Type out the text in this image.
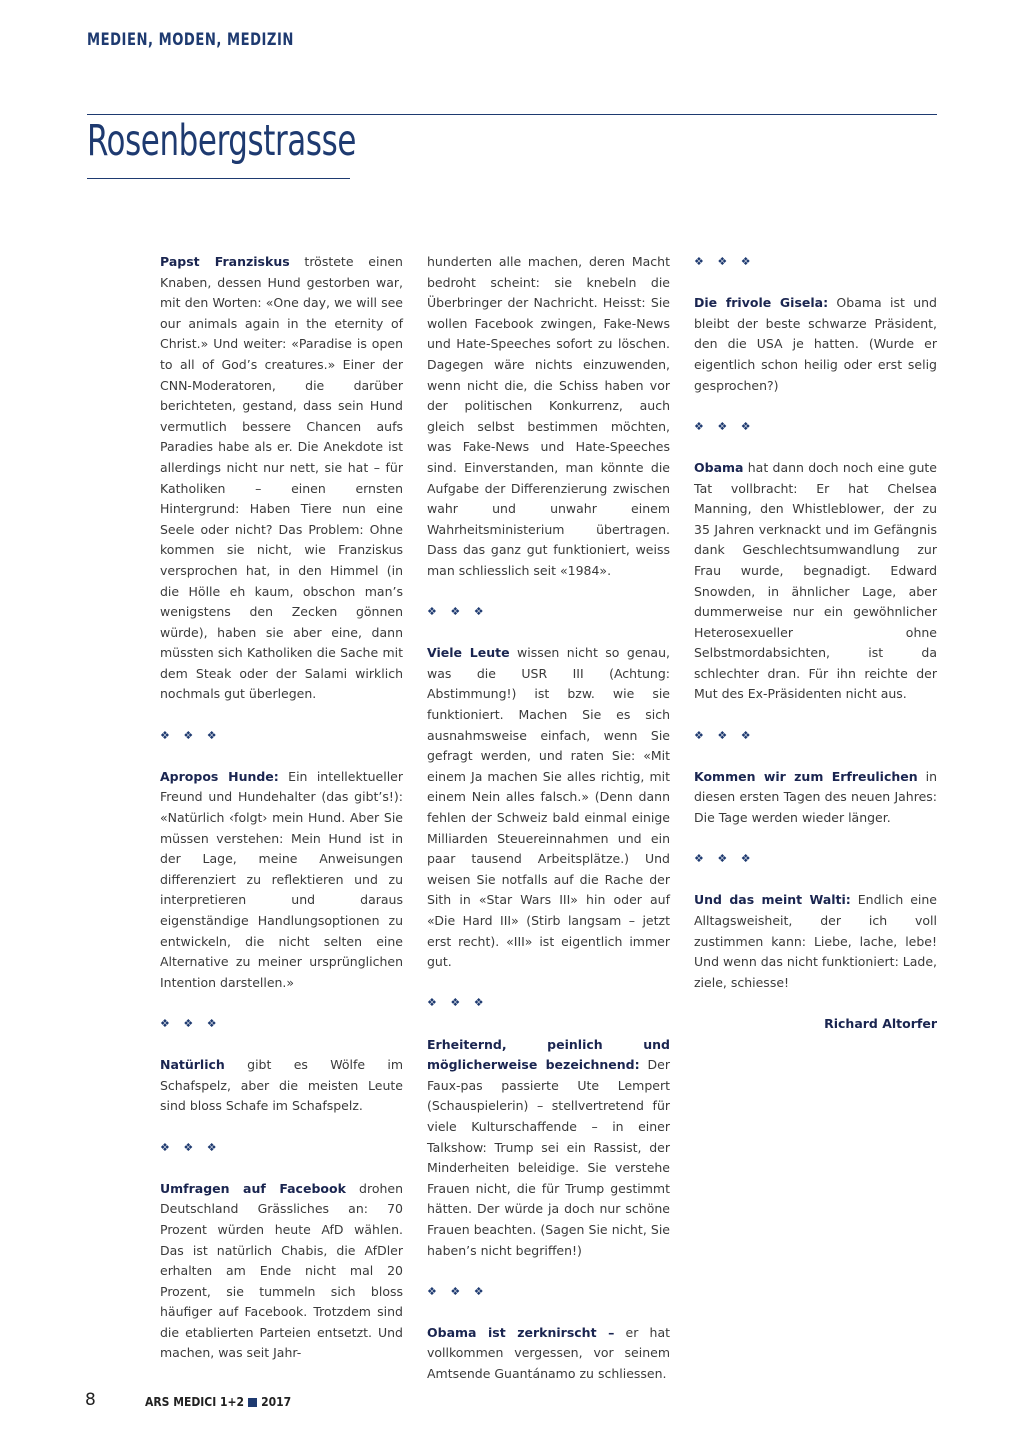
MEDIEN, MODEN, MEDIZIN
Rosenbergstrasse

Papst Franziskus tröstete einen Knaben, dessen Hund gestorben war, mit den Worten: «One day, we will see our animals again in the eternity of Christ.» Und weiter: «Paradise is open to all of God’s creatures.» Einer der CNN-Moderatoren, die darüber berichteten, gestand, dass sein Hund vermutlich bessere Chancen aufs Paradies habe als er. Die Anekdote ist allerdings nicht nur nett, sie hat – für Katholiken – einen ernsten Hintergrund: Haben Tiere nun eine Seele oder nicht? Das Problem: Ohne kommen sie nicht, wie Franziskus versprochen hat, in den Himmel (in die Hölle eh kaum, obschon man’s wenigstens den Zecken gönnen würde), haben sie aber eine, dann müssten sich Katholiken die Sache mit dem Steak oder der Salami wirklich nochmals gut überlegen.

❖ ❖ ❖

Apropos Hunde: Ein intellektueller Freund und Hundehalter (das gibt’s!): «Natürlich ‹folgt› mein Hund. Aber Sie müssen verstehen: Mein Hund ist in der Lage, meine Anweisungen differenziert zu reflektieren und zu interpretieren und daraus eigenständige Handlungsoptionen zu entwickeln, die nicht selten eine Alternative zu meiner ursprünglichen Intention darstellen.»

❖ ❖ ❖

Natürlich gibt es Wölfe im Schafspelz, aber die meisten Leute sind bloss Schafe im Schafspelz.

❖ ❖ ❖

Umfragen auf Facebook drohen Deutschland Grässliches an: 70 Prozent würden heute AfD wählen. Das ist natürlich Chabis, die AfDler erhalten am Ende nicht mal 20 Prozent, sie tummeln sich bloss häufiger auf Facebook. Trotzdem sind die etablierten Parteien entsetzt. Und machen, was seit Jahr-

hunderten alle machen, deren Macht bedroht scheint: sie knebeln die Überbringer der Nachricht. Heisst: Sie wollen Facebook zwingen, Fake-News und Hate-Speeches sofort zu löschen. Dagegen wäre nichts einzuwenden, wenn nicht die, die Schiss haben vor der politischen Konkurrenz, auch gleich selbst bestimmen möchten, was Fake-News und Hate-Speeches sind. Einverstanden, man könnte die Aufgabe der Differenzierung zwischen wahr und unwahr einem Wahrheitsministerium übertragen. Dass das ganz gut funktioniert, weiss man schliesslich seit «1984».

❖ ❖ ❖

Viele Leute wissen nicht so genau, was die USR III (Achtung: Abstimmung!) ist bzw. wie sie funktioniert. Machen Sie es sich ausnahmsweise einfach, wenn Sie gefragt werden, und raten Sie: «Mit einem Ja machen Sie alles richtig, mit einem Nein alles falsch.» (Denn dann fehlen der Schweiz bald einmal einige Milliarden Steuereinnahmen und ein paar tausend Arbeitsplätze.) Und weisen Sie notfalls auf die Rache der Sith in «Star Wars III» hin oder auf «Die Hard III» (Stirb langsam – jetzt erst recht). «III» ist eigentlich immer gut.

❖ ❖ ❖

Erheiternd, peinlich und möglicherweise bezeichnend: Der Faux-pas passierte Ute Lempert (Schauspielerin) – stellvertretend für viele Kulturschaffende – in einer Talkshow: Trump sei ein Rassist, der Minderheiten beleidige. Sie verstehe Frauen nicht, die für Trump gestimmt hätten. Der würde ja doch nur schöne Frauen beachten. (Sagen Sie nicht, Sie haben’s nicht begriffen!)

❖ ❖ ❖

Obama ist zerknirscht – er hat vollkommen vergessen, vor seinem Amtsende Guantánamo zu schliessen.

❖ ❖ ❖

Die frivole Gisela: Obama ist und bleibt der beste schwarze Präsident, den die USA je hatten. (Wurde er eigentlich schon heilig oder erst selig gesprochen?)

❖ ❖ ❖

Obama hat dann doch noch eine gute Tat vollbracht: Er hat Chelsea Manning, den Whistleblower, der zu 35 Jahren verknackt und im Gefängnis dank Geschlechtsumwandlung zur Frau wurde, begnadigt. Edward Snowden, in ähnlicher Lage, aber dummerweise nur ein gewöhnlicher Heterosexueller ohne Selbstmordabsichten, ist da schlechter dran. Für ihn reichte der Mut des Ex-Präsidenten nicht aus.

❖ ❖ ❖

Kommen wir zum Erfreulichen in diesen ersten Tagen des neuen Jahres: Die Tage werden wieder länger.

❖ ❖ ❖

Und das meint Walti: Endlich eine Alltagsweisheit, der ich voll zustimmen kann: Liebe, lache, lebe! Und wenn das nicht funktioniert: Lade, ziele, schiesse!

Richard Altorfer

8	ARS MEDICI 1+2 2017
